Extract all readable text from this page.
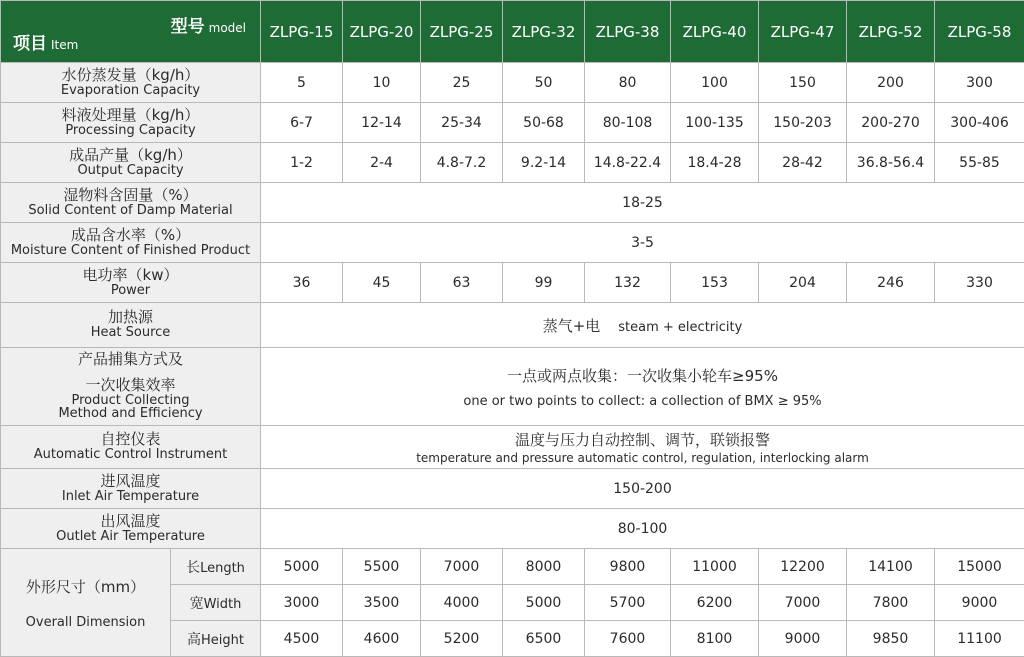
型号 model
项目 Item		ZLPG-15	ZLPG-20	ZLPG-25	ZLPG-32	ZLPG-38	ZLPG-40	ZLPG-47	ZLPG-52	ZLPG-58

水份蒸发量（kg/h）
Evaporation Capacity		5	10	25	50	80	100	150	200	300

料液处理量（kg/h）
Processing Capacity		6-7	12-14	25-34	50-68	80-108	100-135	150-203	200-270	300-406

成品产量（kg/h）
Output Capacity		1-2	2-4	4.8-7.2	9.2-14	14.8-22.4	18.4-28	28-42	36.8-56.4	55-85

湿物料含固量（%）
Solid Content of Damp Material		18-25								

成品含水率（%）
Moisture Content of Finished Product		3-5								

电功率（kw）
Power		36	45	63	99	132	153	204	246	330

加热源
Heat Source		蒸气+电 steam + electricity								

产品捕集方式及
一次收集效率
Product Collecting
Method and Efficiency		一点或两点收集：一次收集小轮车≥95%
one or two points to collect: a collection of BMX ≥ 95%								

自控仪表
Automatic Control Instrument		温度与压力自动控制、调节，联锁报警
temperature and pressure automatic control, regulation, interlocking alarm								

进风温度
Inlet Air Temperature		150-200								

出风温度
Outlet Air Temperature		80-100								

外形尺寸（mm）
Overall Dimension	长Length	5000	5500	7000	8000	9800	11000	12200	14100	15000
	宽Width	3000	3500	4000	5000	5700	6200	7000	7800	9000
	高Height	4500	4600	5200	6500	7600	8100	9000	9850	11100
